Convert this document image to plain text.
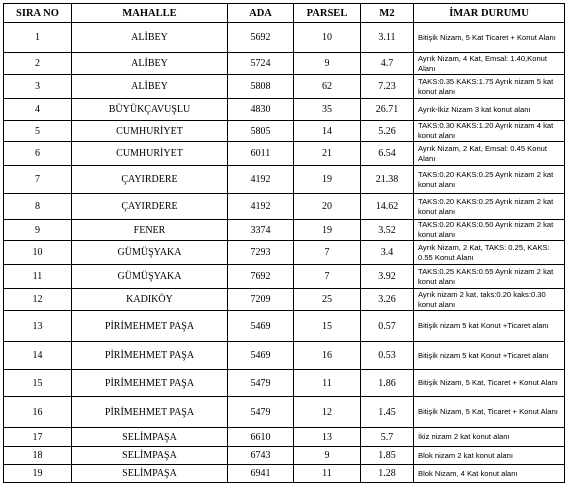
SIRA NO	MAHALLE	ADA	PARSEL	M2	İMAR DURUMU
1	ALİBEY	5692	10	3.11	Bitişik Nizam, 5 Kat Ticaret + Konut Alanı
2	ALİBEY	5724	9	4.7	Ayrık Nizam, 4 Kat, Emsal: 1.40,Konut Alanı
3	ALİBEY	5808	62	7.23	TAKS:0.35 KAKS:1.75 Ayrık nizam 5 kat konut alanı
4	BÜYÜKÇAVUŞLU	4830	35	26.71	Ayrık-İkiz Nizam 3 kat konut alanı
5	CUMHURİYET	5805	14	5.26	TAKS:0.30 KAKS:1.20 Ayrık nizam 4 kat konut alanı
6	CUMHURİYET	6011	21	6.54	Ayrık Nizam, 2 Kat, Emsal: 0.45 Konut Alanı
7	ÇAYIRDERE	4192	19	21.38	TAKS:0.20 KAKS:0.25 Ayrık nizam 2 kat konut alanı
8	ÇAYIRDERE	4192	20	14.62	TAKS:0.20 KAKS:0.25 Ayrık nizam 2 kat konut alanı
9	FENER	3374	19	3.52	TAKS:0.20 KAKS:0.50 Ayrık nizam 2 kat konut alanı
10	GÜMÜŞYAKA	7293	7	3.4	Ayrık Nizam, 2 Kat, TAKS: 0.25, KAKS: 0.55 Konut Alanı
11	GÜMÜŞYAKA	7692	7	3.92	TAKS:0.25 KAKS:0.55 Ayrık nizam 2 kat konut alanı
12	KADIKÖY	7209	25	3.26	Ayrık nizam 2 kat, taks:0.20 kaks:0.30 konut alanı
13	PİRİMEHMET PAŞA	5469	15	0.57	Bitişik nizam 5 kat Konut +Ticaret alanı
14	PİRİMEHMET PAŞA	5469	16	0.53	Bitişik nizam 5 kat Konut +Ticaret alanı
15	PİRİMEHMET PAŞA	5479	11	1.86	Bitişik Nizam, 5 Kat, Ticaret + Konut Alanı
16	PİRİMEHMET PAŞA	5479	12	1.45	Bitişik Nizam, 5 Kat, Ticaret + Konut Alanı
17	SELİMPAŞA	6610	13	5.7	İkiz nizam 2 kat konut alanı
18	SELİMPAŞA	6743	9	1.85	Blok nizam 2 kat konut alanı
19	SELİMPAŞA	6941	11	1.28	Blok Nizam, 4 Kat konut alanı
